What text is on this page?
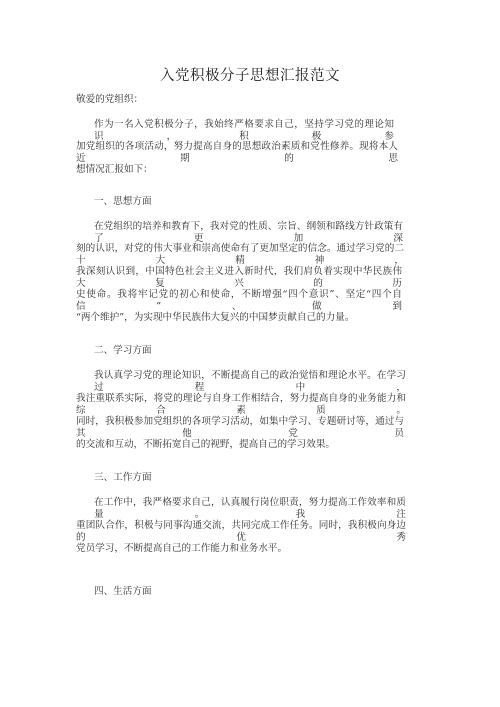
入党积极分子思想汇报范文
敬爱的党组织：
作为一名入党积极分子，我始终严格要求自己，坚持学习党的理论知识，积极参
加党组织的各项活动，努力提高自身的思想政治素质和党性修养。现将本人近期的思
想情况汇报如下：
一、思想方面
在党组织的培养和教育下，我对党的性质、宗旨、纲领和路线方针政策有了更加深
刻的认识，对党的伟大事业和崇高使命有了更加坚定的信念。通过学习党的二十大精神，
我深刻认识到，中国特色社会主义进入新时代，我们肩负着实现中华民族伟大复兴的历
史使命。我将牢记党的初心和使命，不断增强“四个意识”、坚定“四个自信”、做到
“两个维护”，为实现中华民族伟大复兴的中国梦贡献自己的力量。
二、学习方面
我认真学习党的理论知识，不断提高自己的政治觉悟和理论水平。在学习过程中，
我注重联系实际，将党的理论与自身工作相结合，努力提高自身的业务能力和综合素质。
同时，我积极参加党组织的各项学习活动，如集中学习、专题研讨等，通过与其他党员
的交流和互动，不断拓宽自己的视野，提高自己的学习效果。
三、工作方面
在工作中，我严格要求自己，认真履行岗位职责，努力提高工作效率和质量。我注
重团队合作，积极与同事沟通交流，共同完成工作任务。同时，我积极向身边的优秀
党员学习，不断提高自己的工作能力和业务水平。
四、生活方面
